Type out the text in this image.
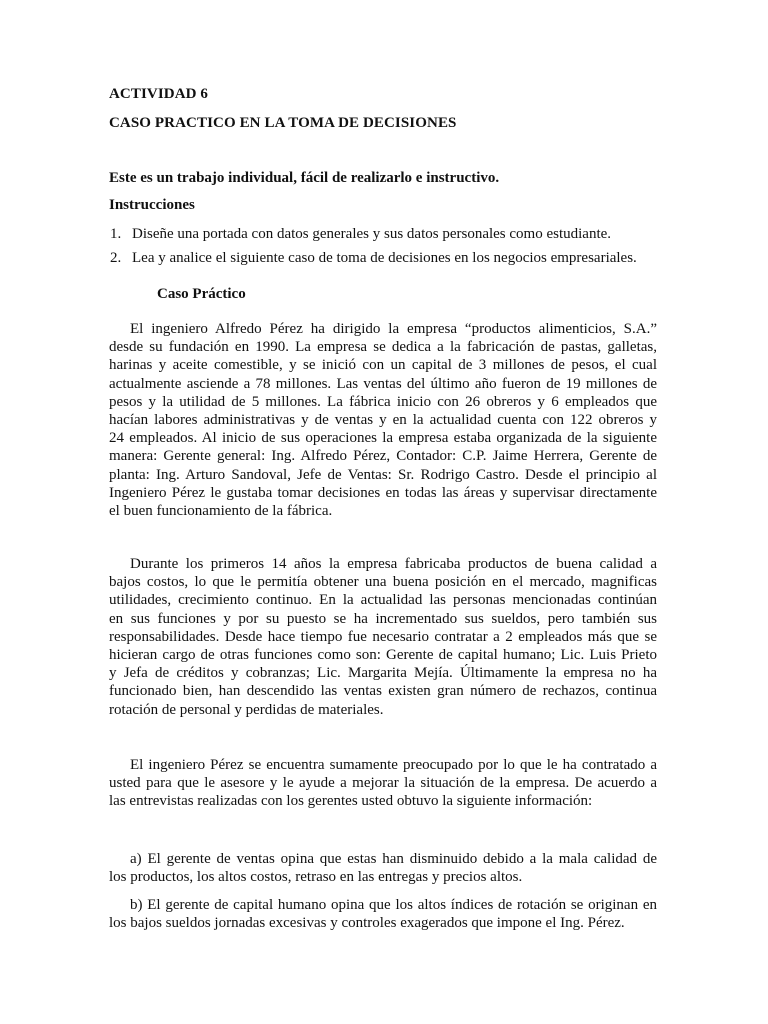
ACTIVIDAD 6
CASO PRACTICO EN LA TOMA DE DECISIONES
Este es un trabajo individual, fácil de realizarlo e instructivo.
Instrucciones
1. Diseñe una portada con datos generales y sus datos personales como estudiante.
2. Lea y analice el siguiente caso de toma de decisiones en los negocios empresariales.
Caso Práctico
El ingeniero Alfredo Pérez ha dirigido la empresa “productos alimenticios, S.A.”
desde su fundación en 1990. La empresa se dedica a la fabricación de pastas, galletas,
harinas y aceite comestible, y se inició con un capital de 3 millones de pesos, el cual
actualmente asciende a 78 millones. Las ventas del último año fueron de 19 millones de
pesos y la utilidad de 5 millones. La fábrica inicio con 26 obreros y 6 empleados que
hacían labores administrativas y de ventas y en la actualidad cuenta con 122 obreros y
24 empleados. Al inicio de sus operaciones la empresa estaba organizada de la siguiente
manera: Gerente general: Ing. Alfredo Pérez, Contador: C.P. Jaime Herrera, Gerente de
planta: Ing. Arturo Sandoval, Jefe de Ventas: Sr. Rodrigo Castro. Desde el principio al
Ingeniero Pérez le gustaba tomar decisiones en todas las áreas y supervisar directamente
el buen funcionamiento de la fábrica.
Durante los primeros 14 años la empresa fabricaba productos de buena calidad a
bajos costos, lo que le permitía obtener una buena posición en el mercado, magnificas
utilidades, crecimiento continuo. En la actualidad las personas mencionadas continúan
en sus funciones y por su puesto se ha incrementado sus sueldos, pero también sus
responsabilidades. Desde hace tiempo fue necesario contratar a 2 empleados más que se
hicieran cargo de otras funciones como son: Gerente de capital humano; Lic. Luis Prieto
y Jefa de créditos y cobranzas; Lic. Margarita Mejía. Últimamente la empresa no ha
funcionado bien, han descendido las ventas existen gran número de rechazos, continua
rotación de personal y perdidas de materiales.
El ingeniero Pérez se encuentra sumamente preocupado por lo que le ha contratado a
usted para que le asesore y le ayude a mejorar la situación de la empresa. De acuerdo a
las entrevistas realizadas con los gerentes usted obtuvo la siguiente información:
a) El gerente de ventas opina que estas han disminuido debido a la mala calidad de
los productos, los altos costos, retraso en las entregas y precios altos.
b) El gerente de capital humano opina que los altos índices de rotación se originan en
los bajos sueldos jornadas excesivas y controles exagerados que impone el Ing. Pérez.
